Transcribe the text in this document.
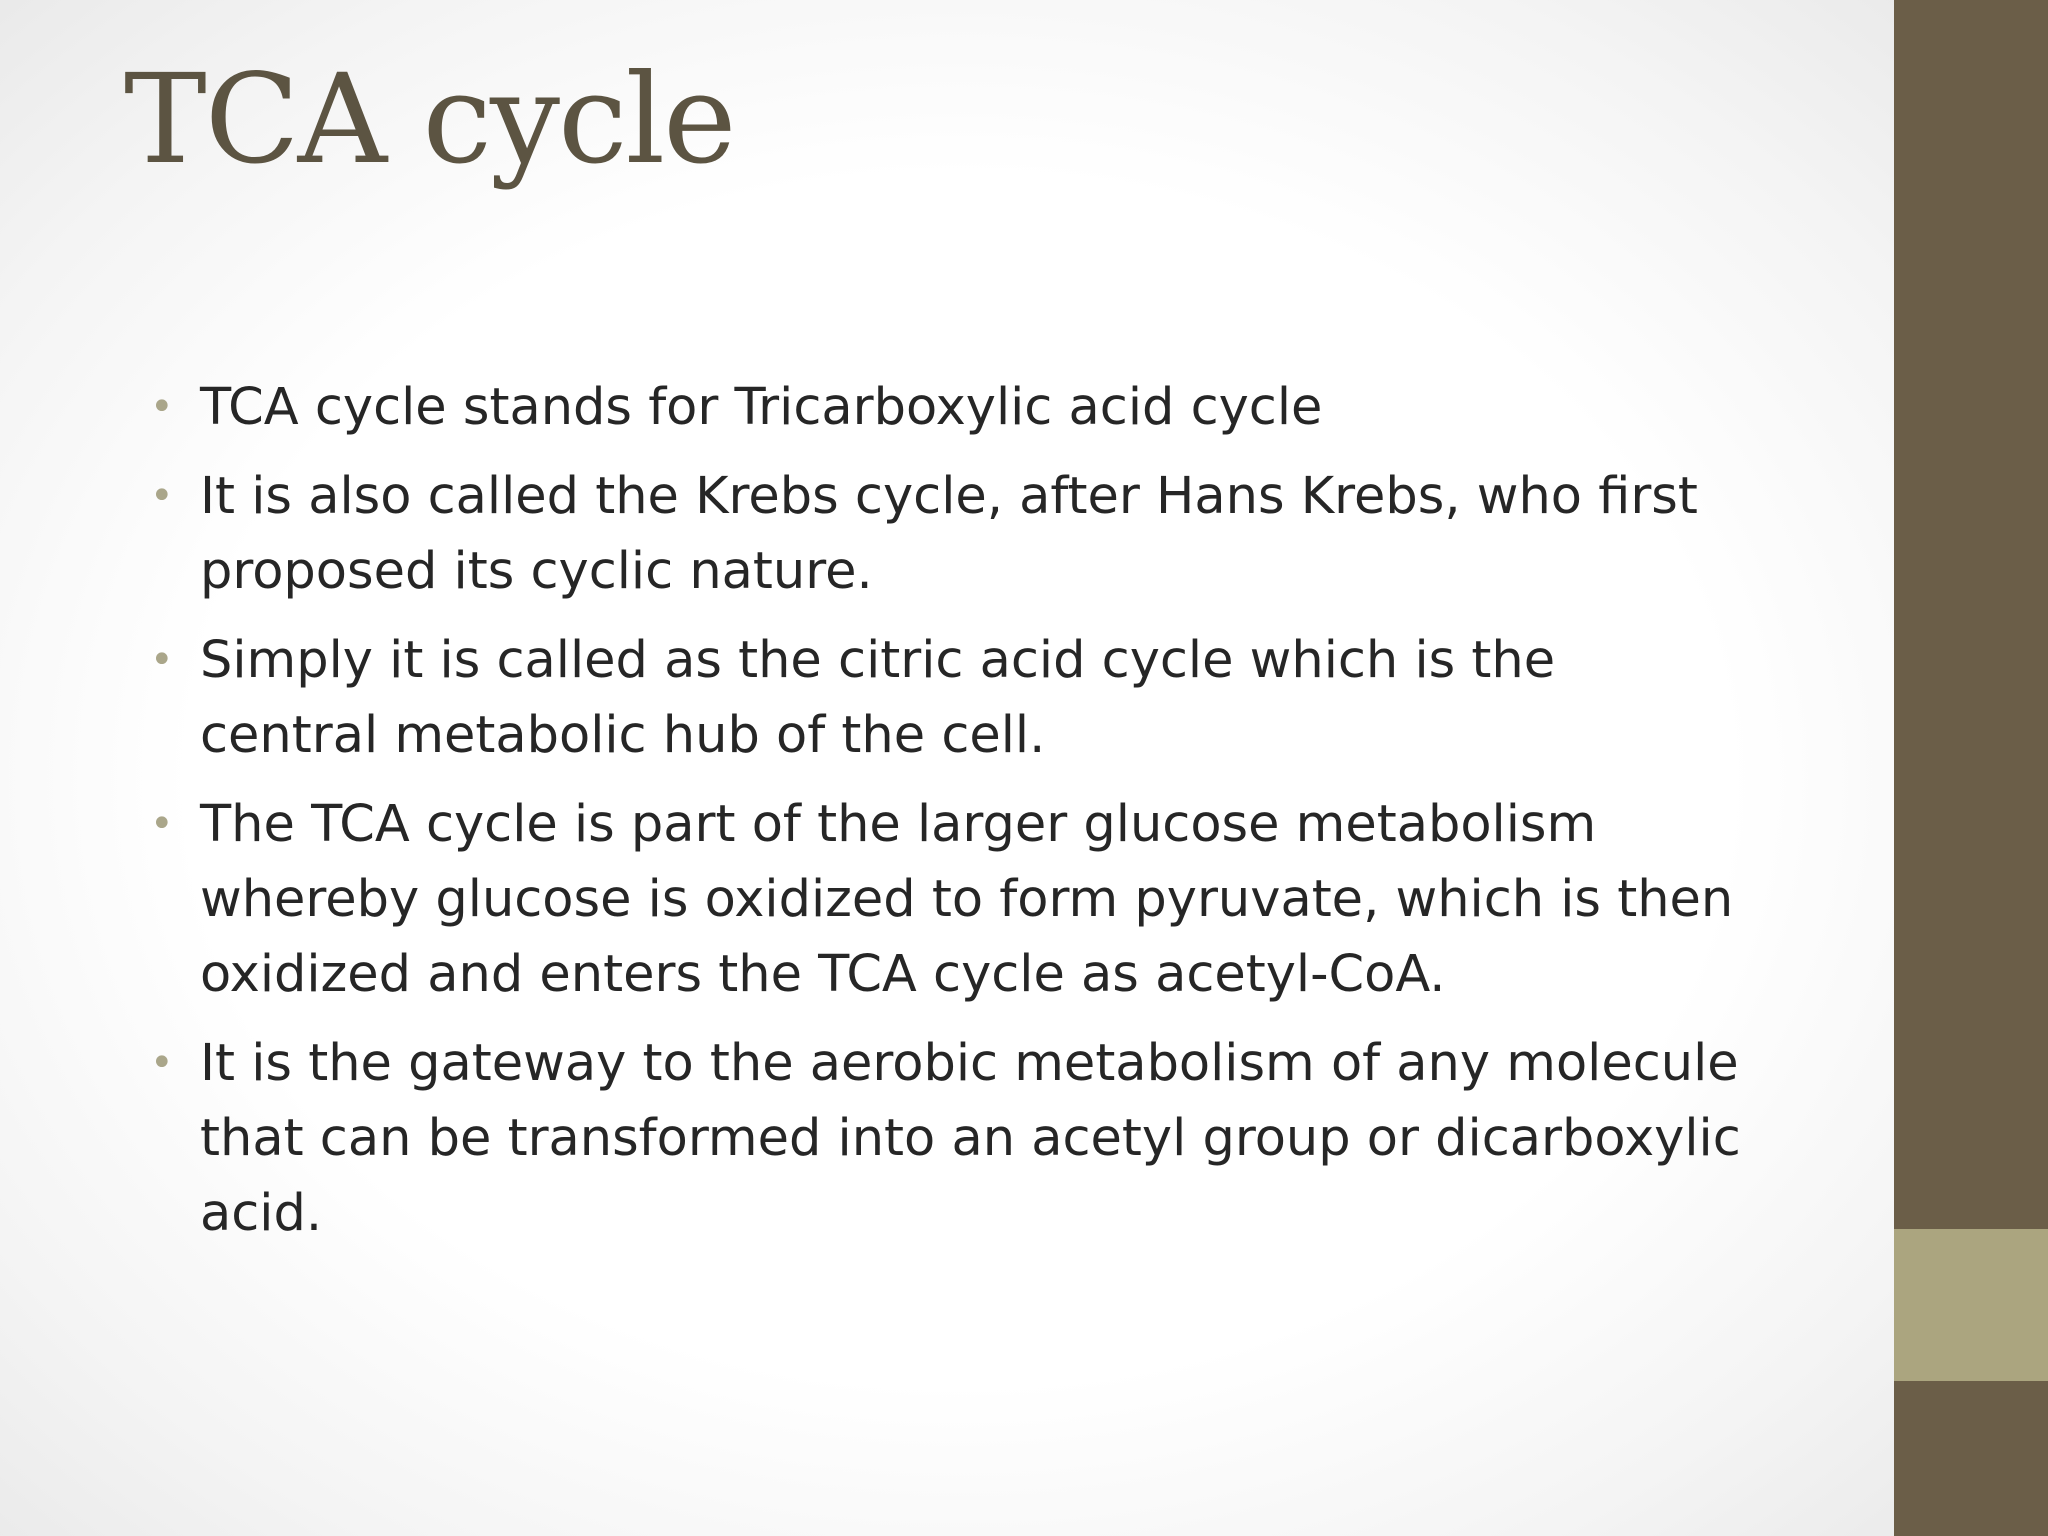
TCA cycle
• TCA cycle stands for Tricarboxylic acid cycle
• It is also called the Krebs cycle, after Hans Krebs, who first proposed its cyclic nature.
• Simply it is called as the citric acid cycle which is the central metabolic hub of the cell.
• The TCA cycle is part of the larger glucose metabolism whereby glucose is oxidized to form pyruvate, which is then oxidized and enters the TCA cycle as acetyl-CoA.
• It is the gateway to the aerobic metabolism of any molecule that can be transformed into an acetyl group or dicarboxylic acid.
